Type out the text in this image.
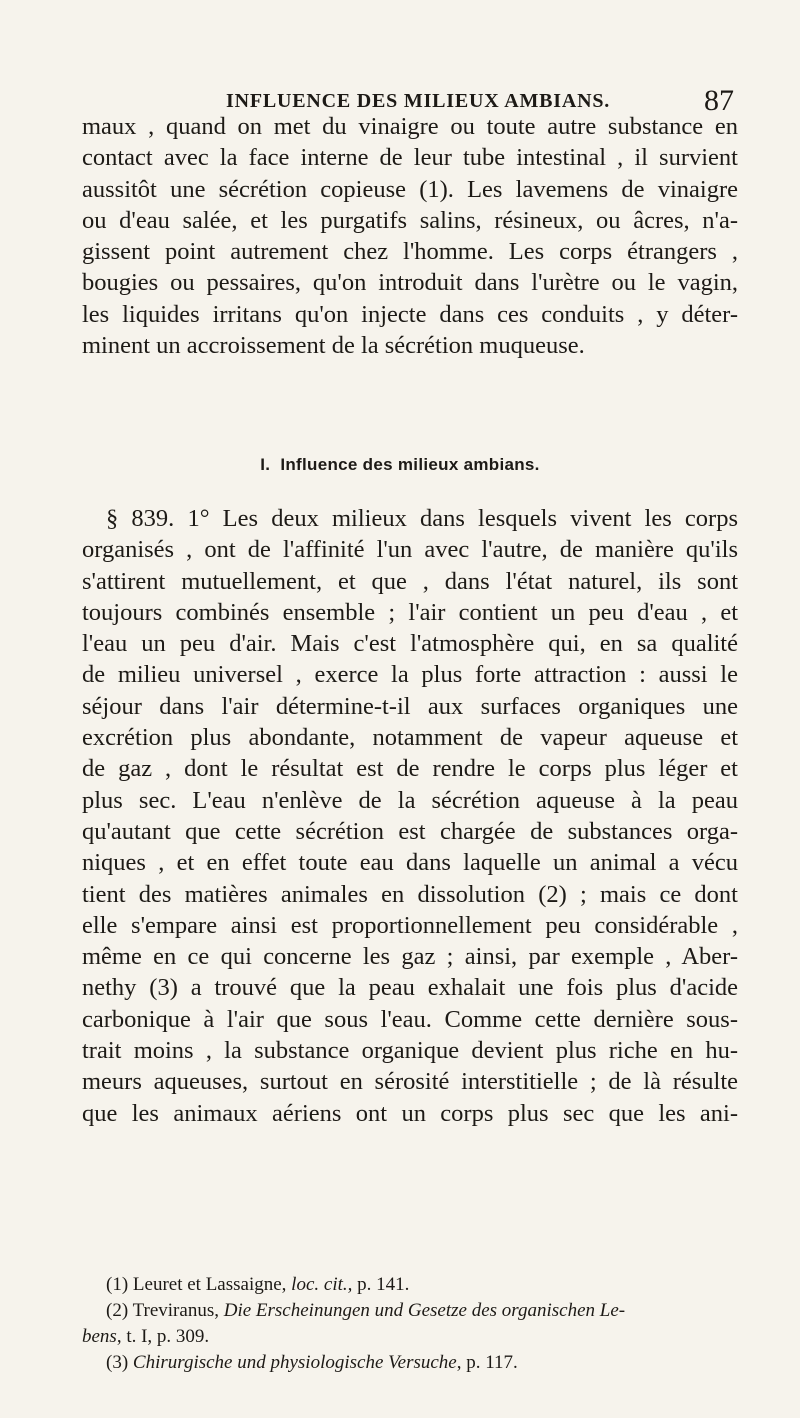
INFLUENCE DES MILIEUX AMBIANS.	87
maux , quand on met du vinaigre ou toute autre substance en
contact avec la face interne de leur tube intestinal , il survient
aussitôt une sécrétion copieuse (1). Les lavemens de vinaigre
ou d'eau salée, et les purgatifs salins, résineux, ou âcres, n'a-
gissent point autrement chez l'homme. Les corps étrangers ,
bougies ou pessaires, qu'on introduit dans l'urètre ou le vagin,
les liquides irritans qu'on injecte dans ces conduits , y déter-
minent un accroissement de la sécrétion muqueuse.
I. Influence des milieux ambians.
§ 839. 1° Les deux milieux dans lesquels vivent les corps
organisés , ont de l'affinité l'un avec l'autre, de manière qu'ils
s'attirent mutuellement, et que , dans l'état naturel, ils sont
toujours combinés ensemble ; l'air contient un peu d'eau , et
l'eau un peu d'air. Mais c'est l'atmosphère qui, en sa qualité
de milieu universel , exerce la plus forte attraction : aussi le
séjour dans l'air détermine-t-il aux surfaces organiques une
excrétion plus abondante, notamment de vapeur aqueuse et
de gaz , dont le résultat est de rendre le corps plus léger et
plus sec. L'eau n'enlève de la sécrétion aqueuse à la peau
qu'autant que cette sécrétion est chargée de substances orga-
niques , et en effet toute eau dans laquelle un animal a vécu
tient des matières animales en dissolution (2) ; mais ce dont
elle s'empare ainsi est proportionnellement peu considérable ,
même en ce qui concerne les gaz ; ainsi, par exemple , Aber-
nethy (3) a trouvé que la peau exhalait une fois plus d'acide
carbonique à l'air que sous l'eau. Comme cette dernière sous-
trait moins , la substance organique devient plus riche en hu-
meurs aqueuses, surtout en sérosité interstitielle ; de là résulte
que les animaux aériens ont un corps plus sec que les ani-
(1) Leuret et Lassaigne, loc. cit., p. 141.
(2) Treviranus, Die Erscheinungen und Gesetze des organischen Le-
bens, t. I, p. 309.
(3) Chirurgische und physiologische Versuche, p. 117.
